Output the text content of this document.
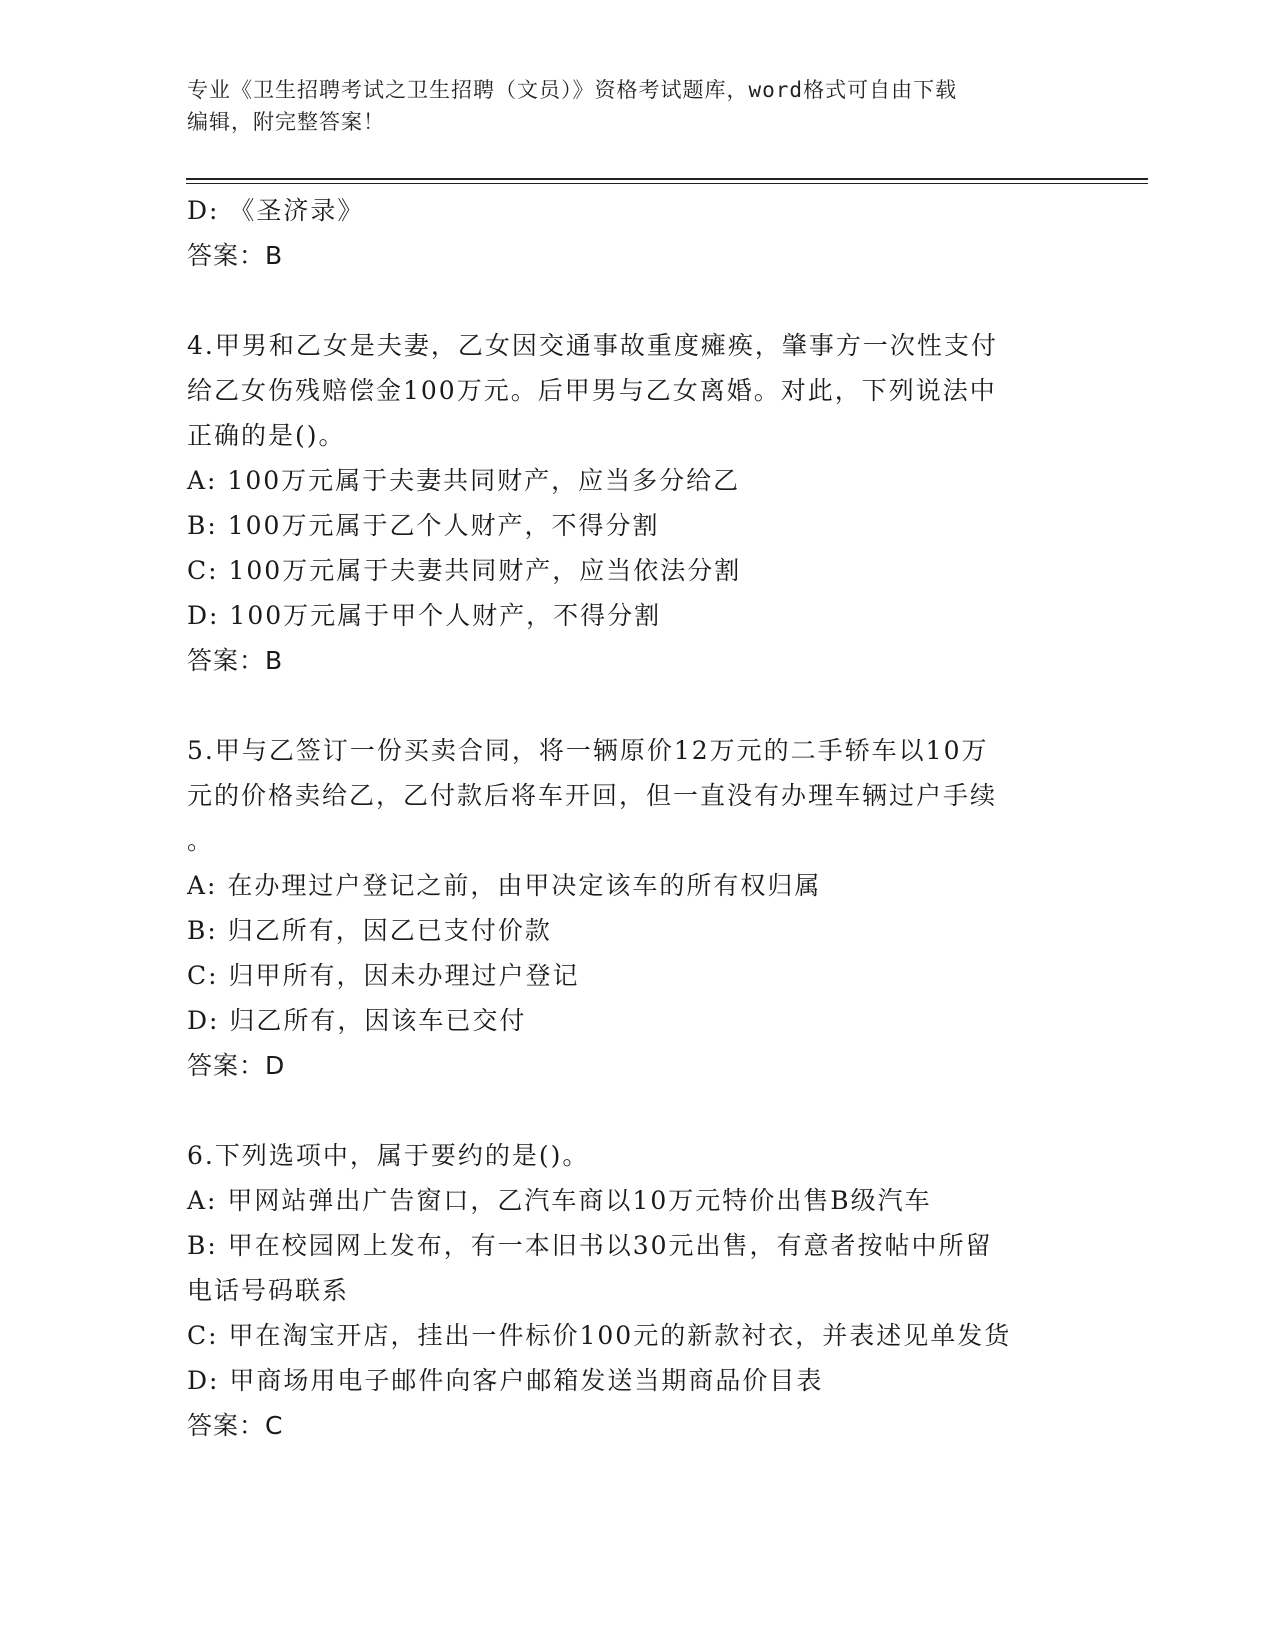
专业《卫生招聘考试之卫生招聘（文员）》资格考试题库，word格式可自由下载
编辑，附完整答案！
D: 《圣济录》
答案：B
4.甲男和乙女是夫妻，乙女因交通事故重度瘫痪，肇事方一次性支付
给乙女伤残赔偿金100万元。后甲男与乙女离婚。对此，下列说法中
正确的是()。
A: 100万元属于夫妻共同财产，应当多分给乙
B: 100万元属于乙个人财产，不得分割
C: 100万元属于夫妻共同财产，应当依法分割
D: 100万元属于甲个人财产，不得分割
答案：B
5.甲与乙签订一份买卖合同，将一辆原价12万元的二手轿车以10万
元的价格卖给乙，乙付款后将车开回，但一直没有办理车辆过户手续
。
A: 在办理过户登记之前，由甲决定该车的所有权归属
B: 归乙所有，因乙已支付价款
C: 归甲所有，因未办理过户登记
D: 归乙所有，因该车已交付
答案：D
6.下列选项中，属于要约的是()。
A: 甲网站弹出广告窗口，乙汽车商以10万元特价出售B级汽车
B: 甲在校园网上发布，有一本旧书以30元出售，有意者按帖中所留
电话号码联系
C: 甲在淘宝开店，挂出一件标价100元的新款衬衣，并表述见单发货
D: 甲商场用电子邮件向客户邮箱发送当期商品价目表
答案：C
